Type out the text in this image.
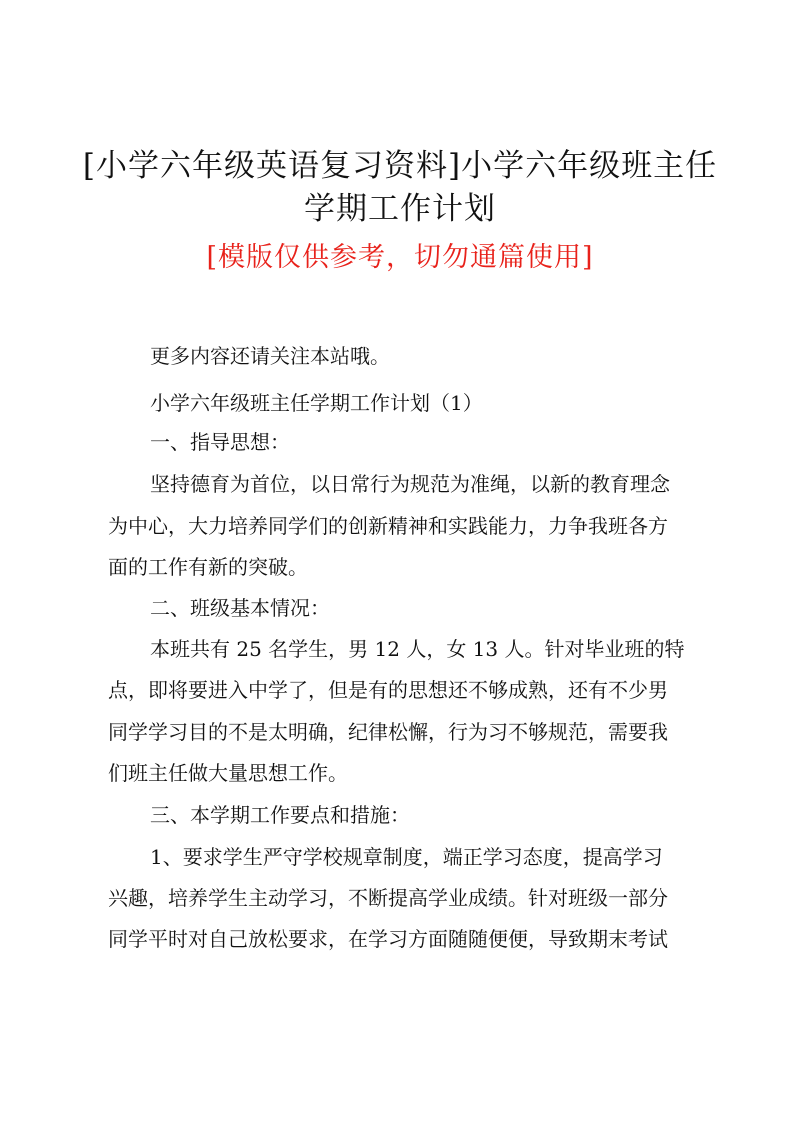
[小学六年级英语复习资料]小学六年级班主任
学期工作计划
[模版仅供参考，切勿通篇使用]

更多内容还请关注本站哦。

小学六年级班主任学期工作计划（1）

一、指导思想：

坚持德育为首位，以日常行为规范为准绳，以新的教育理念

为中心，大力培养同学们的创新精神和实践能力，力争我班各方

面的工作有新的突破。

二、班级基本情况：

本班共有 25 名学生，男 12 人，女 13 人。针对毕业班的特

点，即将要进入中学了，但是有的思想还不够成熟，还有不少男

同学学习目的不是太明确，纪律松懈，行为习不够规范，需要我

们班主任做大量思想工作。

三、本学期工作要点和措施：

1、要求学生严守学校规章制度，端正学习态度，提高学习

兴趣，培养学生主动学习，不断提高学业成绩。针对班级一部分

同学平时对自己放松要求，在学习方面随随便便，导致期末考试
